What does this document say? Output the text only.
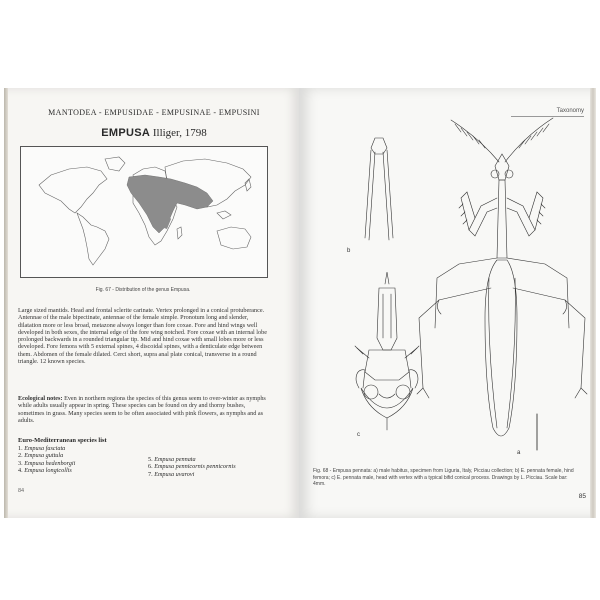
MANTODEA - EMPUSIDAE - EMPUSINAE - EMPUSINI
EMPUSA Illiger, 1798
Fig. 67 - Distribution of the genus Empusa.
Large sized mantids. Head and frontal sclerite carinate. Vertex prolonged in a conical protuberance. Antennae of the male bipectinate, antennae of the female simple. Pronotum long and slender, dilatation more or less broad, metazone always longer than fore coxae. Fore and hind wings well developed in both sexes, the internal edge of the fore wing notched. Fore coxae with an internal lobe prolonged backwards in a rounded triangular tip. Mid and hind coxae with small lobes more or less developed. Fore femora with 5 external spines, 4 discoidal spines, with a denticulate edge between them. Abdomen of the female dilated. Cerci short, supra anal plate conical, transverse in a round triangle. 12 known species.
Ecological notes: Even in northern regions the species of this genus seem to over-winter as nymphs while adults usually appear in spring. These species can be found on dry and thorny bushes, sometimes in grass. Many species seem to be often associated with pink flowers, as nymphs and as adults.
Euro-Mediterranean species list
1. Empusa fasciata
2. Empusa guttula
3. Empusa hedenborgii
4. Empusa longicollis
5. Empusa pennata
6. Empusa pennicornis pennicornis
7. Empusa uvarovi
84
Taxonomy
b
c
a
Fig. 68 - Empusa pennata: a) male habitus, specimen from Liguria, Italy, Picciau collection; b) E. pennata female, hind femora; c) E. pennata male, head with vertex with a typical bifid conical process. Drawings by L. Picciau. Scale bar: 4mm.
85
